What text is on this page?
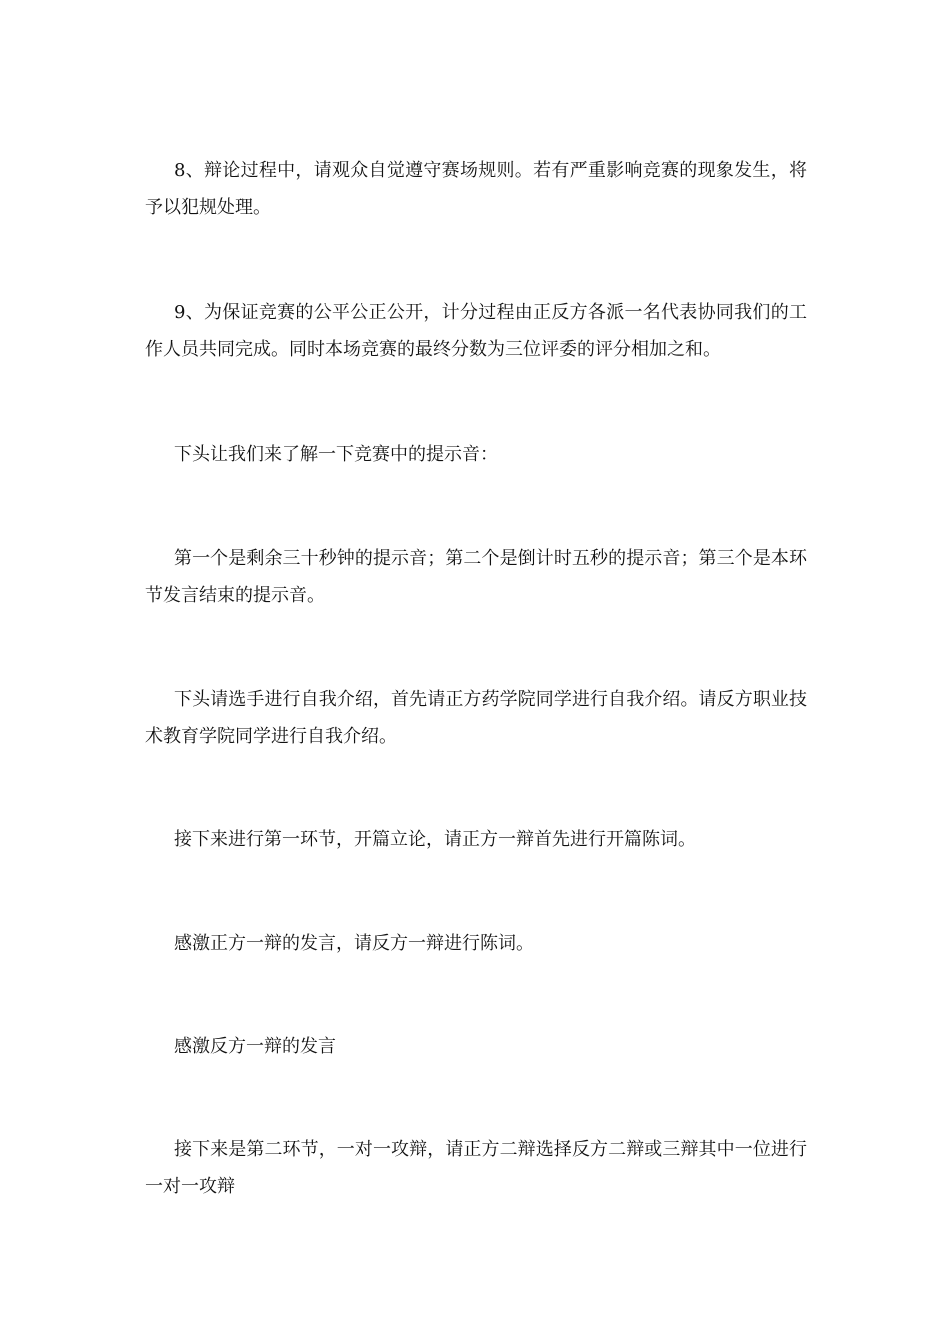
8、辩论过程中，请观众自觉遵守赛场规则。若有严重影响竞赛的现象发生，将予以犯规处理。

9、为保证竞赛的公平公正公开，计分过程由正反方各派一名代表协同我们的工作人员共同完成。同时本场竞赛的最终分数为三位评委的评分相加之和。

下头让我们来了解一下竞赛中的提示音：

第一个是剩余三十秒钟的提示音；第二个是倒计时五秒的提示音；第三个是本环节发言结束的提示音。

下头请选手进行自我介绍，首先请正方药学院同学进行自我介绍。请反方职业技术教育学院同学进行自我介绍。

接下来进行第一环节，开篇立论，请正方一辩首先进行开篇陈词。

感激正方一辩的发言，请反方一辩进行陈词。

感激反方一辩的发言

接下来是第二环节，一对一攻辩，请正方二辩选择反方二辩或三辩其中一位进行一对一攻辩
